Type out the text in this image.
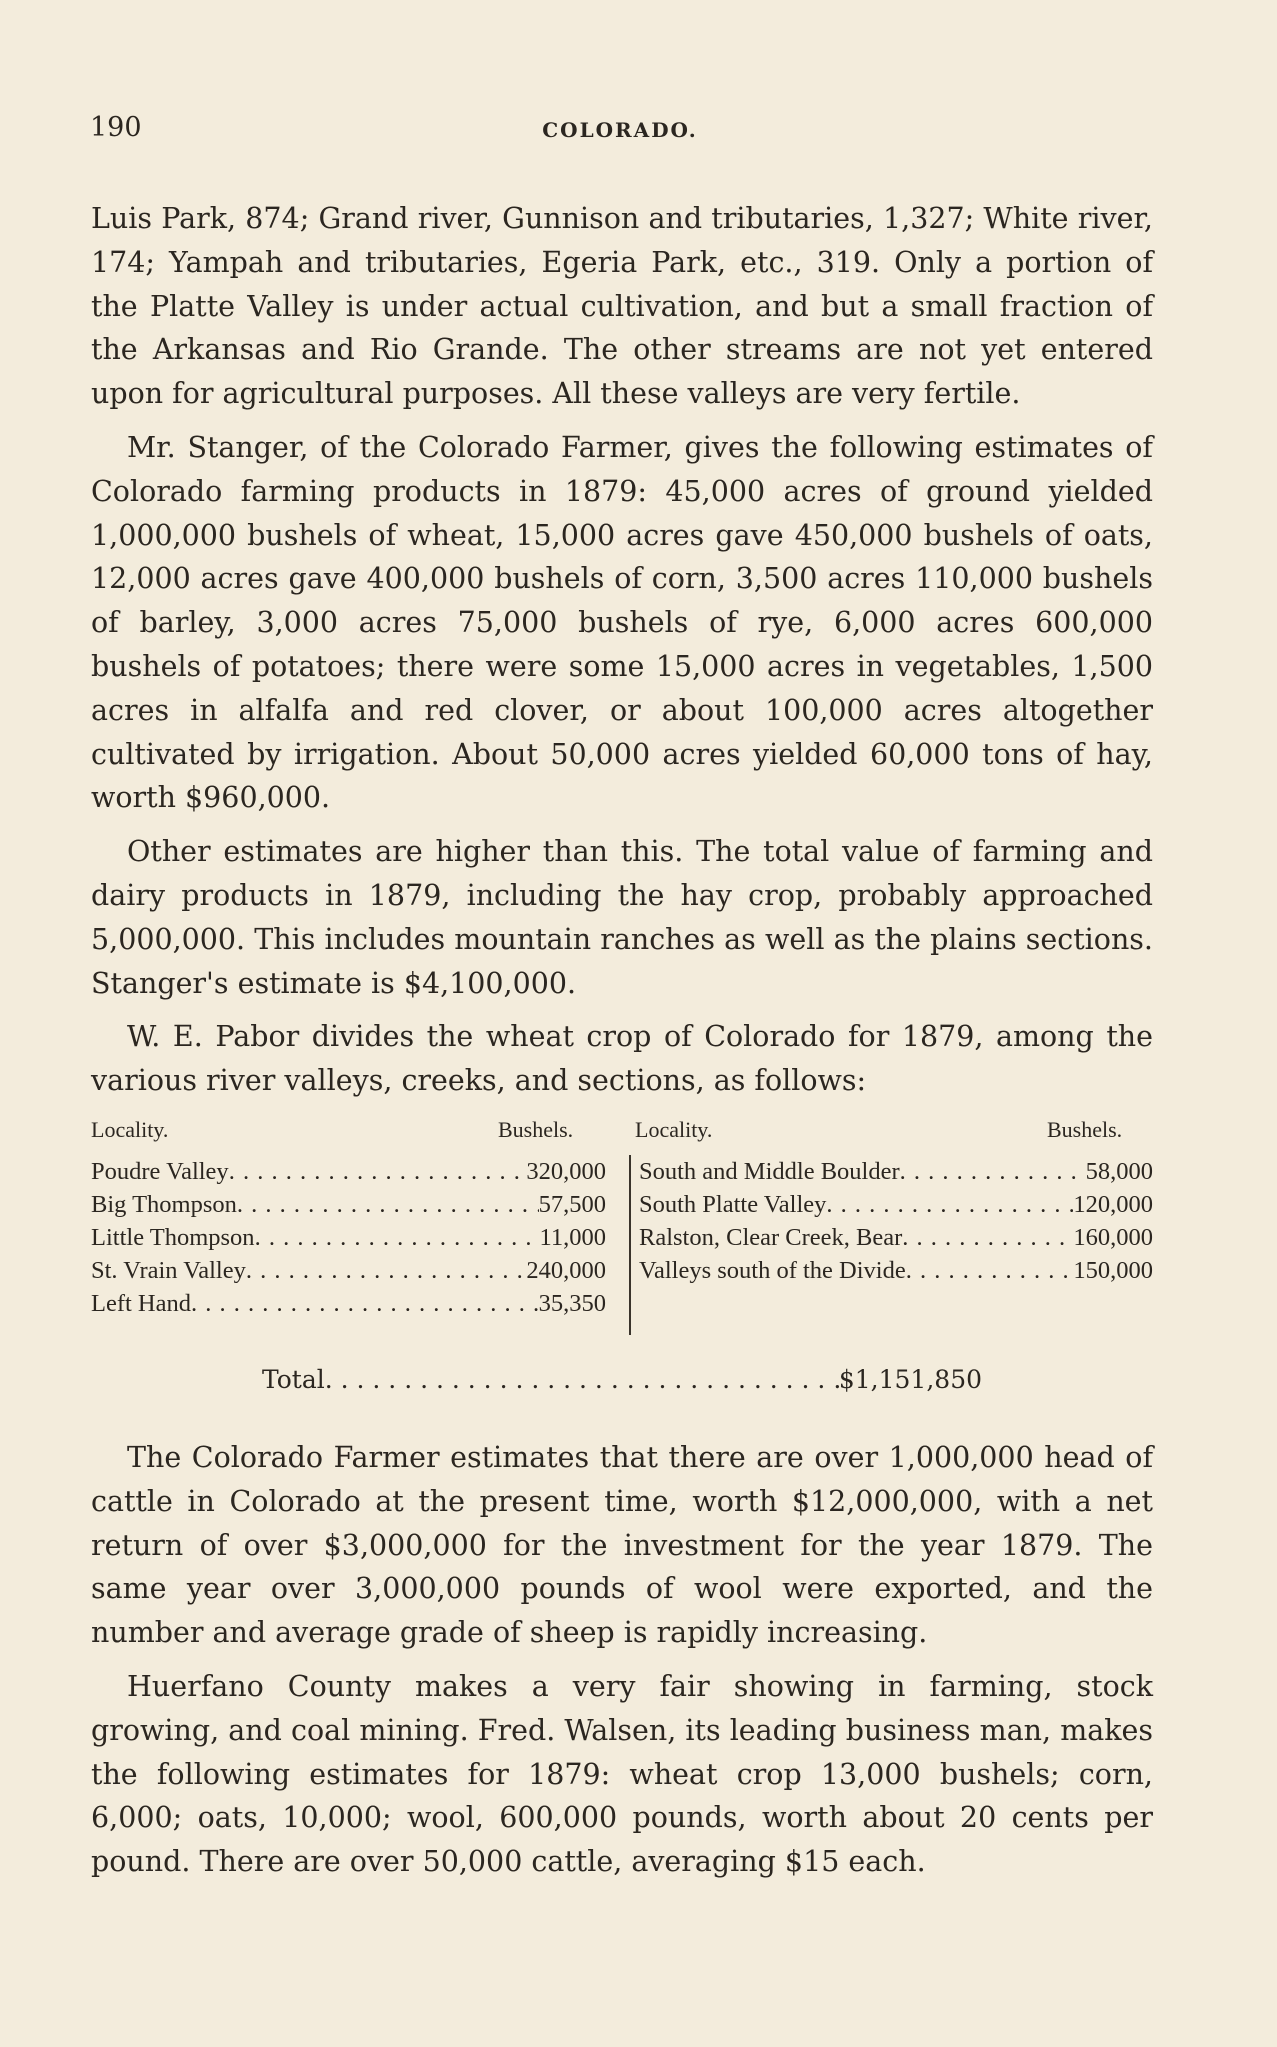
190	COLORADO.

Luis Park, 874; Grand river, Gunnison and tributaries, 1,327; White river, 174; Yampah and tributaries, Egeria Park, etc., 319. Only a portion of the Platte Valley is under actual cultivation, and but a small fraction of the Arkansas and Rio Grande. The other streams are not yet entered upon for agricultural purposes. All these valleys are very fertile.

Mr. Stanger, of the Colorado Farmer, gives the following estimates of Colorado farming products in 1879: 45,000 acres of ground yielded 1,000,000 bushels of wheat, 15,000 acres gave 450,000 bushels of oats, 12,000 acres gave 400,000 bushels of corn, 3,500 acres 110,000 bushels of barley, 3,000 acres 75,000 bushels of rye, 6,000 acres 600,000 bushels of potatoes; there were some 15,000 acres in vegetables, 1,500 acres in alfalfa and red clover, or about 100,000 acres altogether cultivated by irrigation. About 50,000 acres yielded 60,000 tons of hay, worth $960,000.

Other estimates are higher than this. The total value of farming and dairy products in 1879, including the hay crop, probably approached 5,000,000. This includes mountain ranches as well as the plains sections. Stanger's estimate is $4,100,000.

W. E. Pabor divides the wheat crop of Colorado for 1879, among the various river valleys, creeks, and sections, as follows:

Locality.	Bushels.	Locality.	Bushels.
Poudre Valley . . .	320,000
Big Thompson . . .	57,500
Little Thompson . . .	11,000
St. Vrain Valley . . .	240,000
Left Hand . . .	35,350
South and Middle Boulder . . .	58,000
South Platte Valley . . .	120,000
Ralston, Clear Creek, Bear . . .	160,000
Valleys south of the Divide . . .	150,000
Total . . .	$1,151,850

The Colorado Farmer estimates that there are over 1,000,000 head of cattle in Colorado at the present time, worth $12,000,000, with a net return of over $3,000,000 for the investment for the year 1879. The same year over 3,000,000 pounds of wool were exported, and the number and average grade of sheep is rapidly increasing.

Huerfano County makes a very fair showing in farming, stock growing, and coal mining. Fred. Walsen, its leading business man, makes the following estimates for 1879: wheat crop 13,000 bushels; corn, 6,000; oats, 10,000; wool, 600,000 pounds, worth about 20 cents per pound. There are over 50,000 cattle, averaging $15 each.
